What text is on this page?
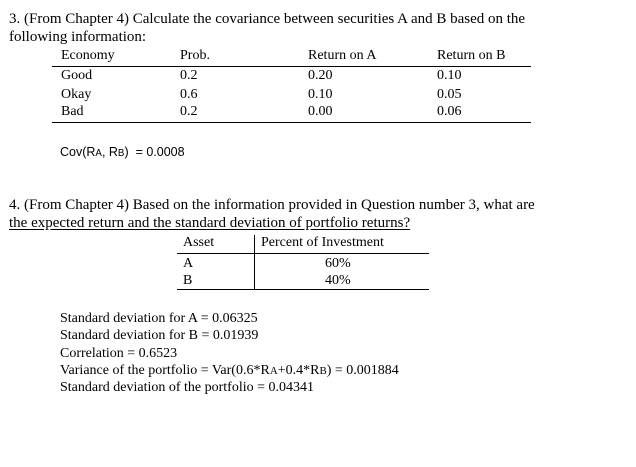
3. (From Chapter 4) Calculate the covariance between securities A and B based on the
following information:
Economy	Prob.	Return on A	Return on B
Good	0.2	0.20	0.10
Okay	0.6	0.10	0.05
Bad	0.2	0.00	0.06
Cov(RA, RB) = 0.0008
4. (From Chapter 4) Based on the information provided in Question number 3, what are
the expected return and the standard deviation of portfolio returns?
Asset	Percent of Investment
A	60%
B	40%
Standard deviation for A = 0.06325
Standard deviation for B = 0.01939
Correlation = 0.6523
Variance of the portfolio = Var(0.6*RA+0.4*RB) = 0.001884
Standard deviation of the portfolio = 0.04341
